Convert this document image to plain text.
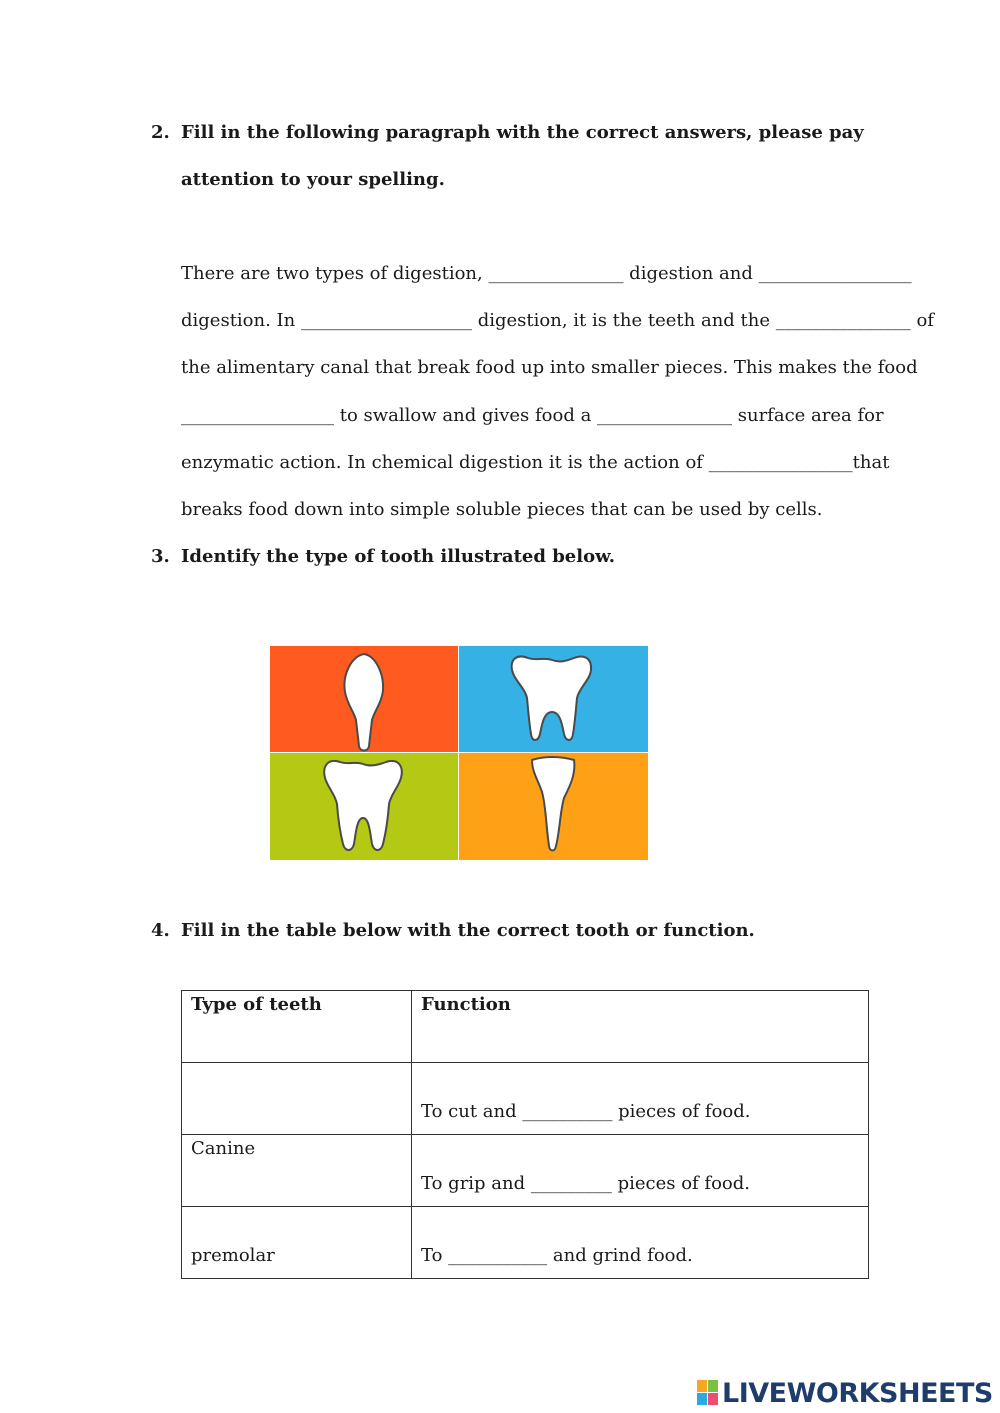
2. Fill in the following paragraph with the correct answers, please pay
attention to your spelling.
There are two types of digestion, _______________ digestion and _________________
digestion. In ___________________ digestion, it is the teeth and the _______________ of
the alimentary canal that break food up into smaller pieces. This makes the food
_________________ to swallow and gives food a _______________ surface area for
enzymatic action. In chemical digestion it is the action of ________________that
breaks food down into simple soluble pieces that can be used by cells.
3. Identify the type of tooth illustrated below.
4. Fill in the table below with the correct tooth or function.
Type of teeth	Function

	To cut and __________ pieces of food.

Canine	To grip and _________ pieces of food.

premolar	To ___________ and grind food.
LIVEWORKSHEETS
